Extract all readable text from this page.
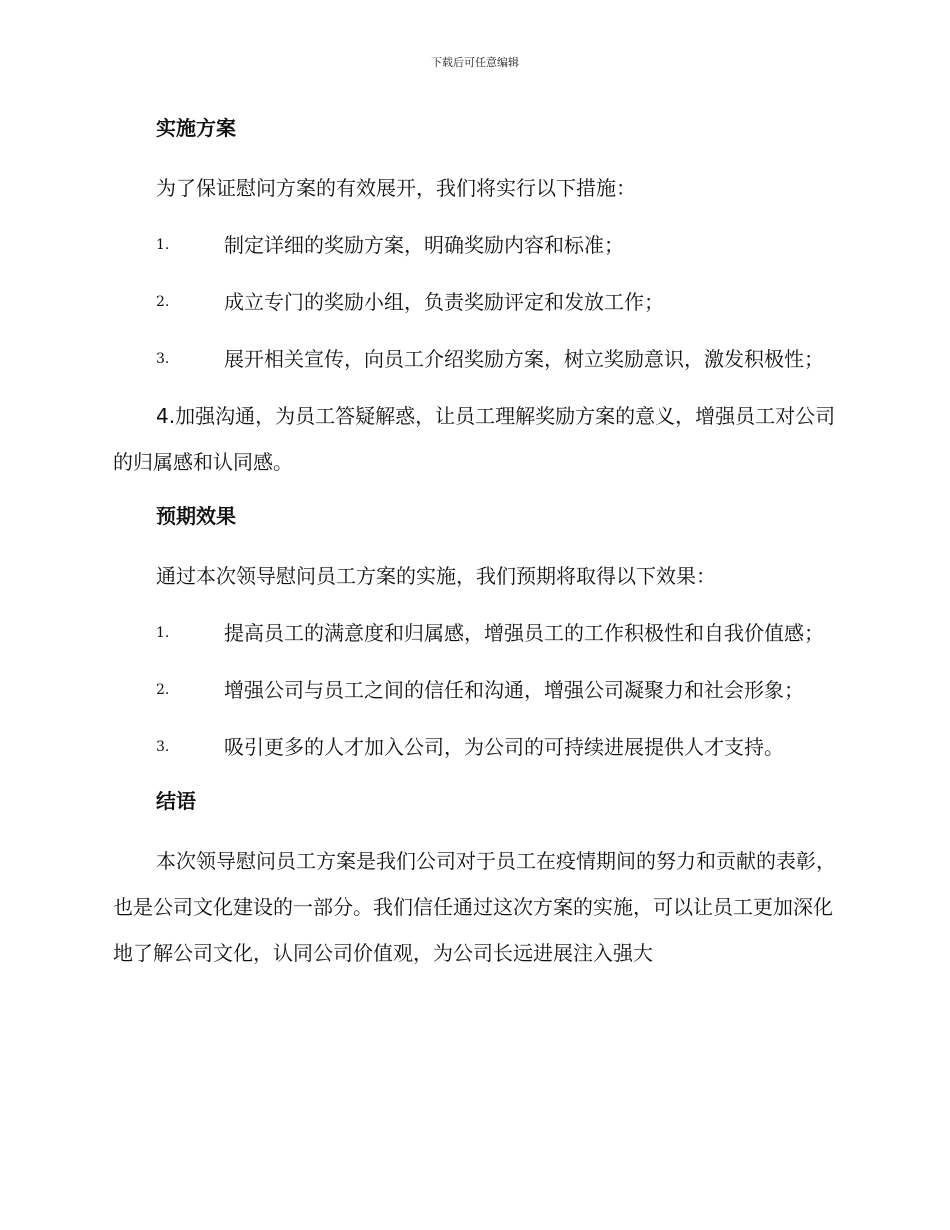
下载后可任意编辑
实施方案
为了保证慰问方案的有效展开，我们将实行以下措施：
1.	制定详细的奖励方案，明确奖励内容和标准；
2.	成立专门的奖励小组，负责奖励评定和发放工作；
3.	展开相关宣传，向员工介绍奖励方案，树立奖励意识，激发积极性；
4.加强沟通，为员工答疑解惑，让员工理解奖励方案的意义，增强员工对公司的归属感和认同感。
预期效果
通过本次领导慰问员工方案的实施，我们预期将取得以下效果：
1.	提高员工的满意度和归属感，增强员工的工作积极性和自我价值感；
2.	增强公司与员工之间的信任和沟通，增强公司凝聚力和社会形象；
3.	吸引更多的人才加入公司，为公司的可持续进展提供人才支持。
结语
本次领导慰问员工方案是我们公司对于员工在疫情期间的努力和贡献的表彰，也是公司文化建设的一部分。我们信任通过这次方案的实施，可以让员工更加深化地了解公司文化，认同公司价值观，为公司长远进展注入强大
